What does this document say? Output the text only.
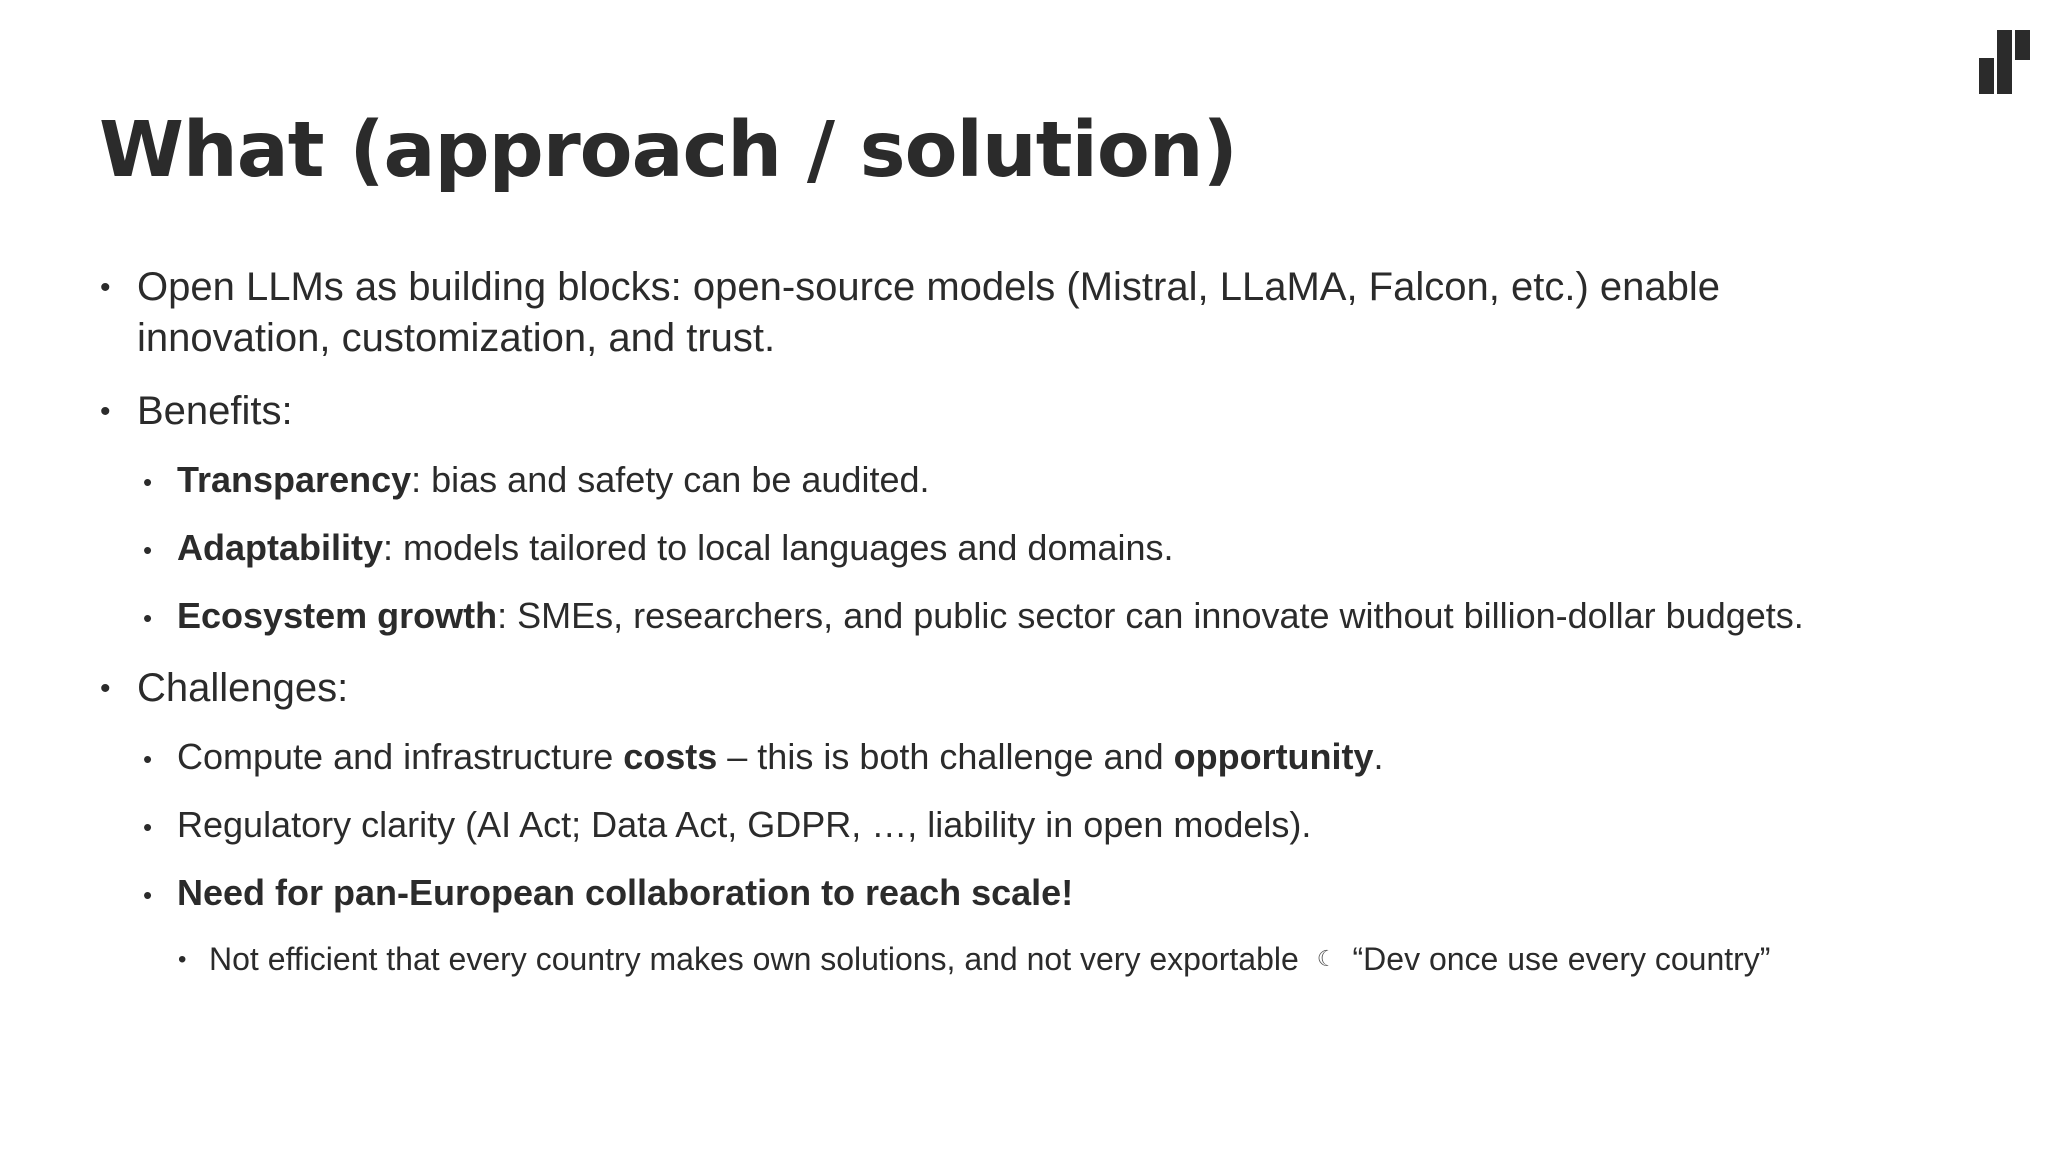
What (approach / solution)
• Open LLMs as building blocks: open-source models (Mistral, LLaMA, Falcon, etc.) enable
innovation, customization, and trust.
• Benefits:
• Transparency: bias and safety can be audited.
• Adaptability: models tailored to local languages and domains.
• Ecosystem growth: SMEs, researchers, and public sector can innovate without billion-dollar budgets.
• Challenges:
• Compute and infrastructure costs – this is both challenge and opportunity.
• Regulatory clarity (AI Act; Data Act, GDPR, …, liability in open models).
• Need for pan-European collaboration to reach scale!
• Not efficient that every country makes own solutions, and not very exportable ☾ “Dev once use every country”
